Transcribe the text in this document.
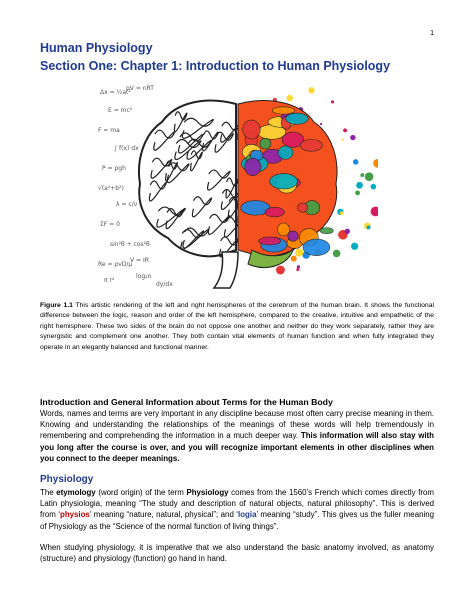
1
Human Physiology
Section One: Chapter 1: Introduction to Human Physiology
Δx = ½at²
E = mc²
F = ma
∫ f(x) dx
P = ρgh
√(a²+b²)
λ = c/ν
ΣF = 0
sin²θ + cos²θ
Re = ρvD/μ
pV = nRT
log₂n
dy/dx
π r²
V = IR
Figure 1.1 This artistic rendering of the left and right hemispheres of the cerebrum of the human brain. It shows the functional difference between the logic, reason and order of the left hemisphere, compared to the creative, intuitive and empathetic of the right hemisphere. These two sides of the brain do not oppose one another and neither do they work separately, rather they are synergistic and complement one another. They both contain vital elements of human function and when fully integrated they operate in an elegantly balanced and functional manner.
Introduction and General Information about Terms for the Human Body
Words, names and terms are very important in any discipline because most often carry precise meaning in them. Knowing and understanding the relationships of the meanings of these words will help tremendously in remembering and comprehending the information in a much deeper way. This information will also stay with you long after the course is over, and you will recognize important elements in other disciplines when you connect to the deeper meanings.
Physiology
The etymology (word origin) of the term Physiology comes from the 1560’s French which comes directly from Latin physiologia, meaning “The study and description of natural objects, natural philosophy”. This is derived from ‘physios’ meaning “nature, natural, physical”; and ‘logia’ meaning “study”. This gives us the fuller meaning of Physiology as the “Science of the normal function of living things”.
When studying physiology, it is imperative that we also understand the basic anatomy involved, as anatomy (structure) and physiology (function) go hand in hand.
